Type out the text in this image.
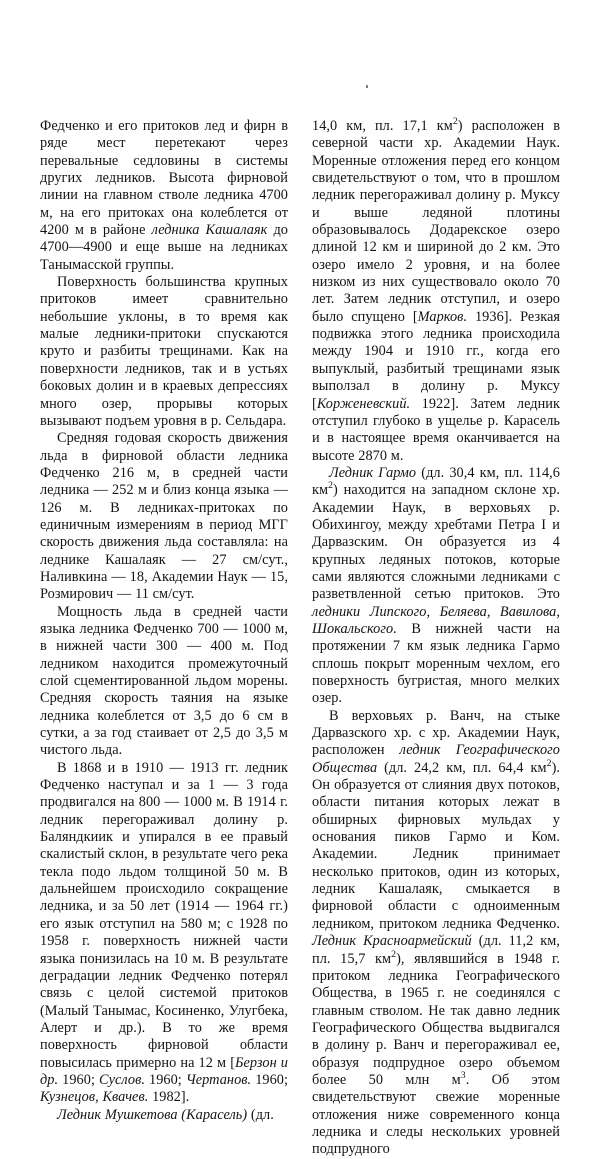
Федченко и его притоков лед и фирн в ряде мест перетекают через перевальные седловины в системы других ледников. Высота фирновой линии на главном стволе ледника 4700 м, на его притоках она колеблется от 4200 м в районе ледника Кашалаяк до 4700—4900 и еще выше на ледниках Танымасской группы.

Поверхность большинства крупных притоков имеет сравнительно небольшие уклоны, в то время как малые ледники-притоки спускаются круто и разбиты трещинами. Как на поверхности ледников, так и в устьях боковых долин и в краевых депрессиях много озер, прорывы которых вызывают подъем уровня в р. Сельдара.

Средняя годовая скорость движения льда в фирновой области ледника Федченко 216 м, в средней части ледника — 252 м и близ конца языка — 126 м. В ледниках-притоках по единичным измерениям в период МГГ скорость движения льда составляла: на леднике Кашалаяк — 27 см/сут., Наливкина — 18, Академии Наук — 15, Розмирович — 11 см/сут.

Мощность льда в средней части языка ледника Федченко 700 — 1000 м, в нижней части 300 — 400 м. Под ледником находится промежуточный слой сцементированной льдом морены. Средняя скорость таяния на языке ледника колеблется от 3,5 до 6 см в сутки, а за год стаивает от 2,5 до 3,5 м чистого льда.

В 1868 и в 1910 — 1913 гг. ледник Федченко наступал и за 1 — 3 года продвигался на 800 — 1000 м. В 1914 г. ледник перегораживал долину р. Баляндкиик и упирался в ее правый скалистый склон, в результате чего река текла подо льдом толщиной 50 м. В дальнейшем происходило сокращение ледника, и за 50 лет (1914 — 1964 гг.) его язык отступил на 580 м; с 1928 по 1958 г. поверхность нижней части языка понизилась на 10 м. В результате деградации ледник Федченко потерял связь с целой системой притоков (Малый Танымас, Косиненко, Улугбека, Алерт и др.). В то же время поверхность фирновой области повысилась примерно на 12 м [Берзон и др. 1960; Суслов. 1960; Чертанов. 1960; Кузнецов, Квачев. 1982].

Ледник Мушкетова (Карасель) (дл.

14,0 км, пл. 17,1 $км^2$) расположен в северной части хр. Академии Наук. Моренные отложения перед его концом свидетельствуют о том, что в прошлом ледник перегораживал долину р. Муксу и выше ледяной плотины образовывалось Додарекское озеро длиной 12 км и шириной до 2 км. Это озеро имело 2 уровня, и на более низком из них существовало около 70 лет. Затем ледник отступил, и озеро было спущено [Марков. 1936]. Резкая подвижка этого ледника происходила между 1904 и 1910 гг., когда его выпуклый, разбитый трещинами язык выползал в долину р. Муксу [Корженевский. 1922]. Затем ледник отступил глубоко в ущелье р. Карасель и в настоящее время оканчивается на высоте 2870 м.

Ледник Гармо (дл. 30,4 км, пл. 114,6 $км^2$) находится на западном склоне хр. Академии Наук, в верховьях р. Обихингоу, между хребтами Петра I и Дарвазским. Он образуется из 4 крупных ледяных потоков, которые сами являются сложными ледниками с разветвленной сетью притоков. Это ледники Липского, Беляева, Вавилова, Шокальского. В нижней части на протяжении 7 км язык ледника Гармо сплошь покрыт моренным чехлом, его поверхность бугристая, много мелких озер.

В верховьях р. Ванч, на стыке Дарвазского хр. с хр. Академии Наук, расположен ледник Географического Общества (дл. 24,2 км, пл. 64,4 $км^2$). Он образуется от слияния двух потоков, области питания которых лежат в обширных фирновых мульдах у основания пиков Гармо и Ком. Академии. Ледник принимает несколько притоков, один из которых, ледник Кашалаяк, смыкается в фирновой области с одноименным ледником, притоком ледника Федченко. Ледник Красноармейский (дл. 11,2 км, пл. 15,7 $км^2$), являвшийся в 1948 г. притоком ледника Географического Общества, в 1965 г. не соединялся с главным стволом. Не так давно ледник Географического Общества выдвигался в долину р. Ванч и перегораживал ее, образуя подпрудное озеро объемом более 50 млн $м^3$. Об этом свидетельствуют свежие моренные отложения ниже современного конца ледника и следы нескольких уровней подпрудного
